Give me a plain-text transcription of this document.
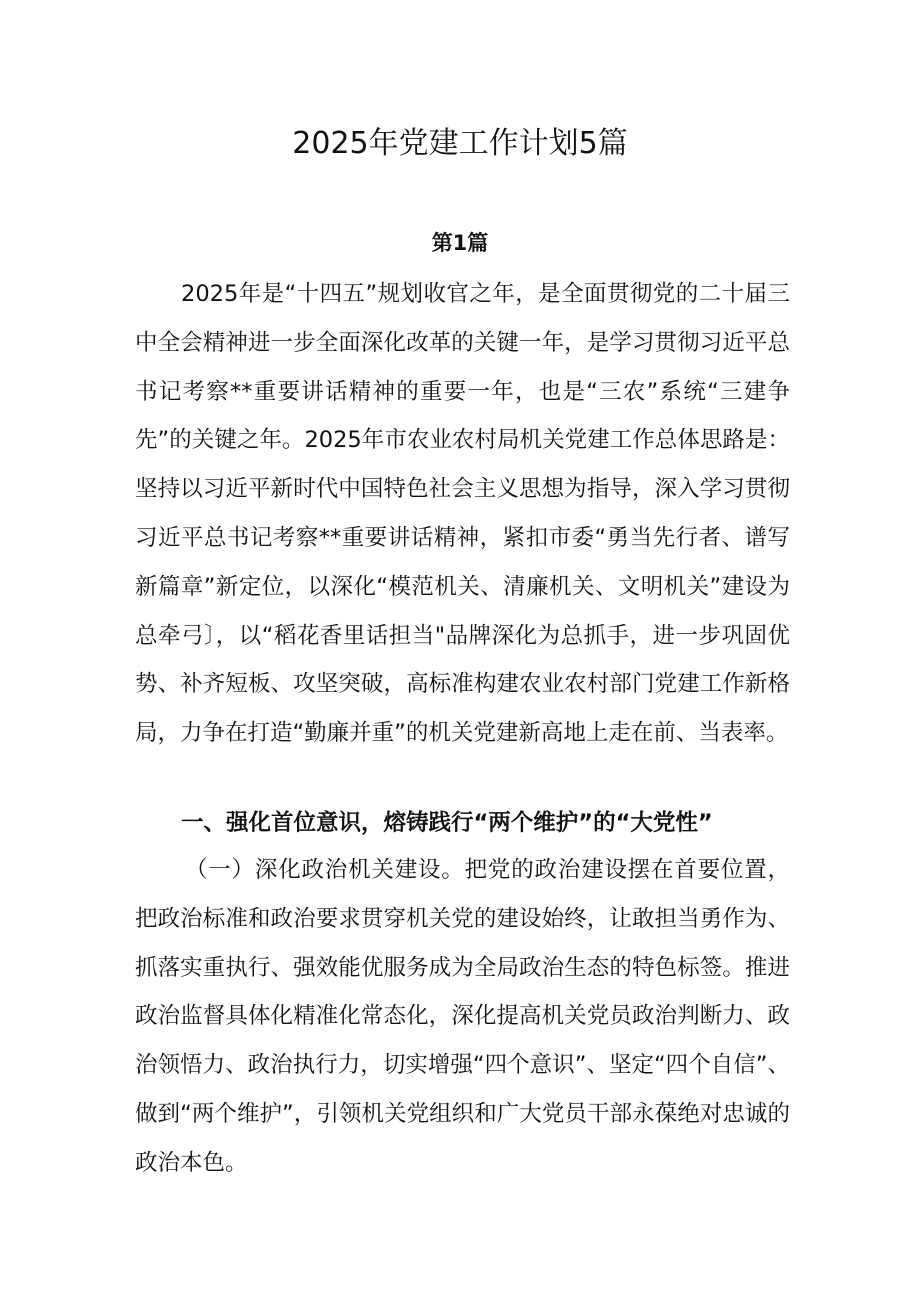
2025年党建工作计划5篇
第1篇

2025年是“十四五”规划收官之年，是全面贯彻党的二十届三中全会精神进一步全面深化改革的关键一年，是学习贯彻习近平总书记考察**重要讲话精神的重要一年，也是“三农”系统“三建争先”的关键之年。2025年市农业农村局机关党建工作总体思路是：坚持以习近平新时代中国特色社会主义思想为指导，深入学习贯彻习近平总书记考察**重要讲话精神，紧扣市委“勇当先行者、谱写新篇章”新定位，以深化“模范机关、清廉机关、文明机关”建设为总牵弓〕，以“稻花香里话担当"品牌深化为总抓手，进一步巩固优势、补齐短板、攻坚突破，高标准构建农业农村部门党建工作新格局，力争在打造“勤廉并重”的机关党建新高地上走在前、当表率。

一、强化首位意识，熔铸践行“两个维护”的“大党性”

（一）深化政治机关建设。把党的政治建设摆在首要位置，把政治标准和政治要求贯穿机关党的建设始终，让敢担当勇作为、抓落实重执行、强效能优服务成为全局政治生态的特色标签。推进政治监督具体化精准化常态化，深化提高机关党员政治判断力、政治领悟力、政治执行力，切实增强“四个意识”、坚定“四个自信”、做到“两个维护”，引领机关党组织和广大党员干部永葆绝对忠诚的政治本色。
